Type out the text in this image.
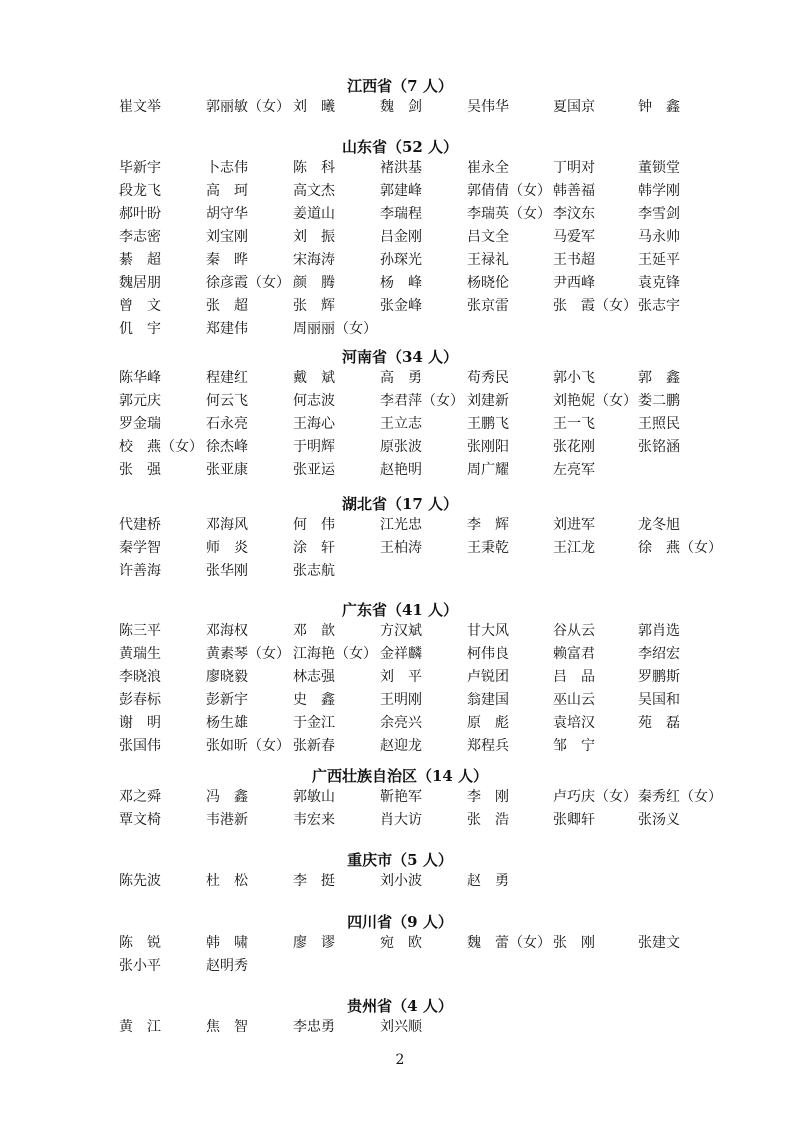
江西省（7 人）
崔文举	郭丽敏（女） 刘　曦	魏　剑	吴伟华	夏国京	钟　鑫
山东省（52 人）
毕新宇	卜志伟	陈　科	褚洪基	崔永全	丁明对	董锁堂
段龙飞	高　珂	高文杰	郭建峰	郭倩倩（女） 韩善福	韩学刚
郝叶盼	胡守华	姜道山	李瑞程	李瑞英（女） 李汶东	李雪剑
李志密	刘宝刚	刘　振	吕金刚	吕文全	马爱军	马永帅
綦　超	秦　晔	宋海涛	孙琛光	王禄礼	王书超	王延平
魏居朋	徐彦霞（女） 颜　腾	杨　峰	杨晓伦	尹西峰	袁克锋
曾　文	张　超	张　辉	张金峰	张京雷	张　霞（女） 张志宇
仉　宇	郑建伟	周丽丽（女）
河南省（34 人）
陈华峰	程建红	戴　斌	高　勇	苟秀民	郭小飞	郭　鑫
郭元庆	何云飞	何志波	李君萍（女） 刘建新	刘艳妮（女） 娄二鹏
罗金瑞	石永亮	王海心	王立志	王鹏飞	王一飞	王照民
校　燕（女） 徐杰峰	于明辉	原张波	张刚阳	张花刚	张铭涵
张　强	张亚康	张亚运	赵艳明	周广耀	左亮军
湖北省（17 人）
代建桥	邓海风	何　伟	江光忠	李　辉	刘进军	龙冬旭
秦学智	师　炎	涂　轩	王柏涛	王秉乾	王江龙	徐　燕（女）
许善海	张华刚	张志航
广东省（41 人）
陈三平	邓海权	邓　歆	方汉斌	甘大风	谷从云	郭肖选
黄瑞生	黄素琴（女） 江海艳（女） 金祥麟	柯伟良	赖富君	李绍宏
李晓浪	廖晓毅	林志强	刘　平	卢锐团	吕　品	罗鹏斯
彭春标	彭新宇	史　鑫	王明刚	翁建国	巫山云	吴国和
谢　明	杨生雄	于金江	余亮兴	原　彪	袁培汉	苑　磊
张国伟	张如昕（女） 张新春	赵迎龙	郑程兵	邹　宁
广西壮族自治区（14 人）
邓之舜	冯　鑫	郭敏山	靳艳军	李　刚	卢巧庆（女） 秦秀红（女）
覃文椅	韦港新	韦宏来	肖大访	张　浩	张卿轩	张汤义
重庆市（5 人）
陈先波	杜　松	李　挺	刘小波	赵　勇
四川省（9 人）
陈　锐	韩　啸	廖　谬	宛　欧	魏　蕾（女） 张　刚	张建文
张小平	赵明秀
贵州省（4 人）
黄　江	焦　智	李忠勇	刘兴顺
2
